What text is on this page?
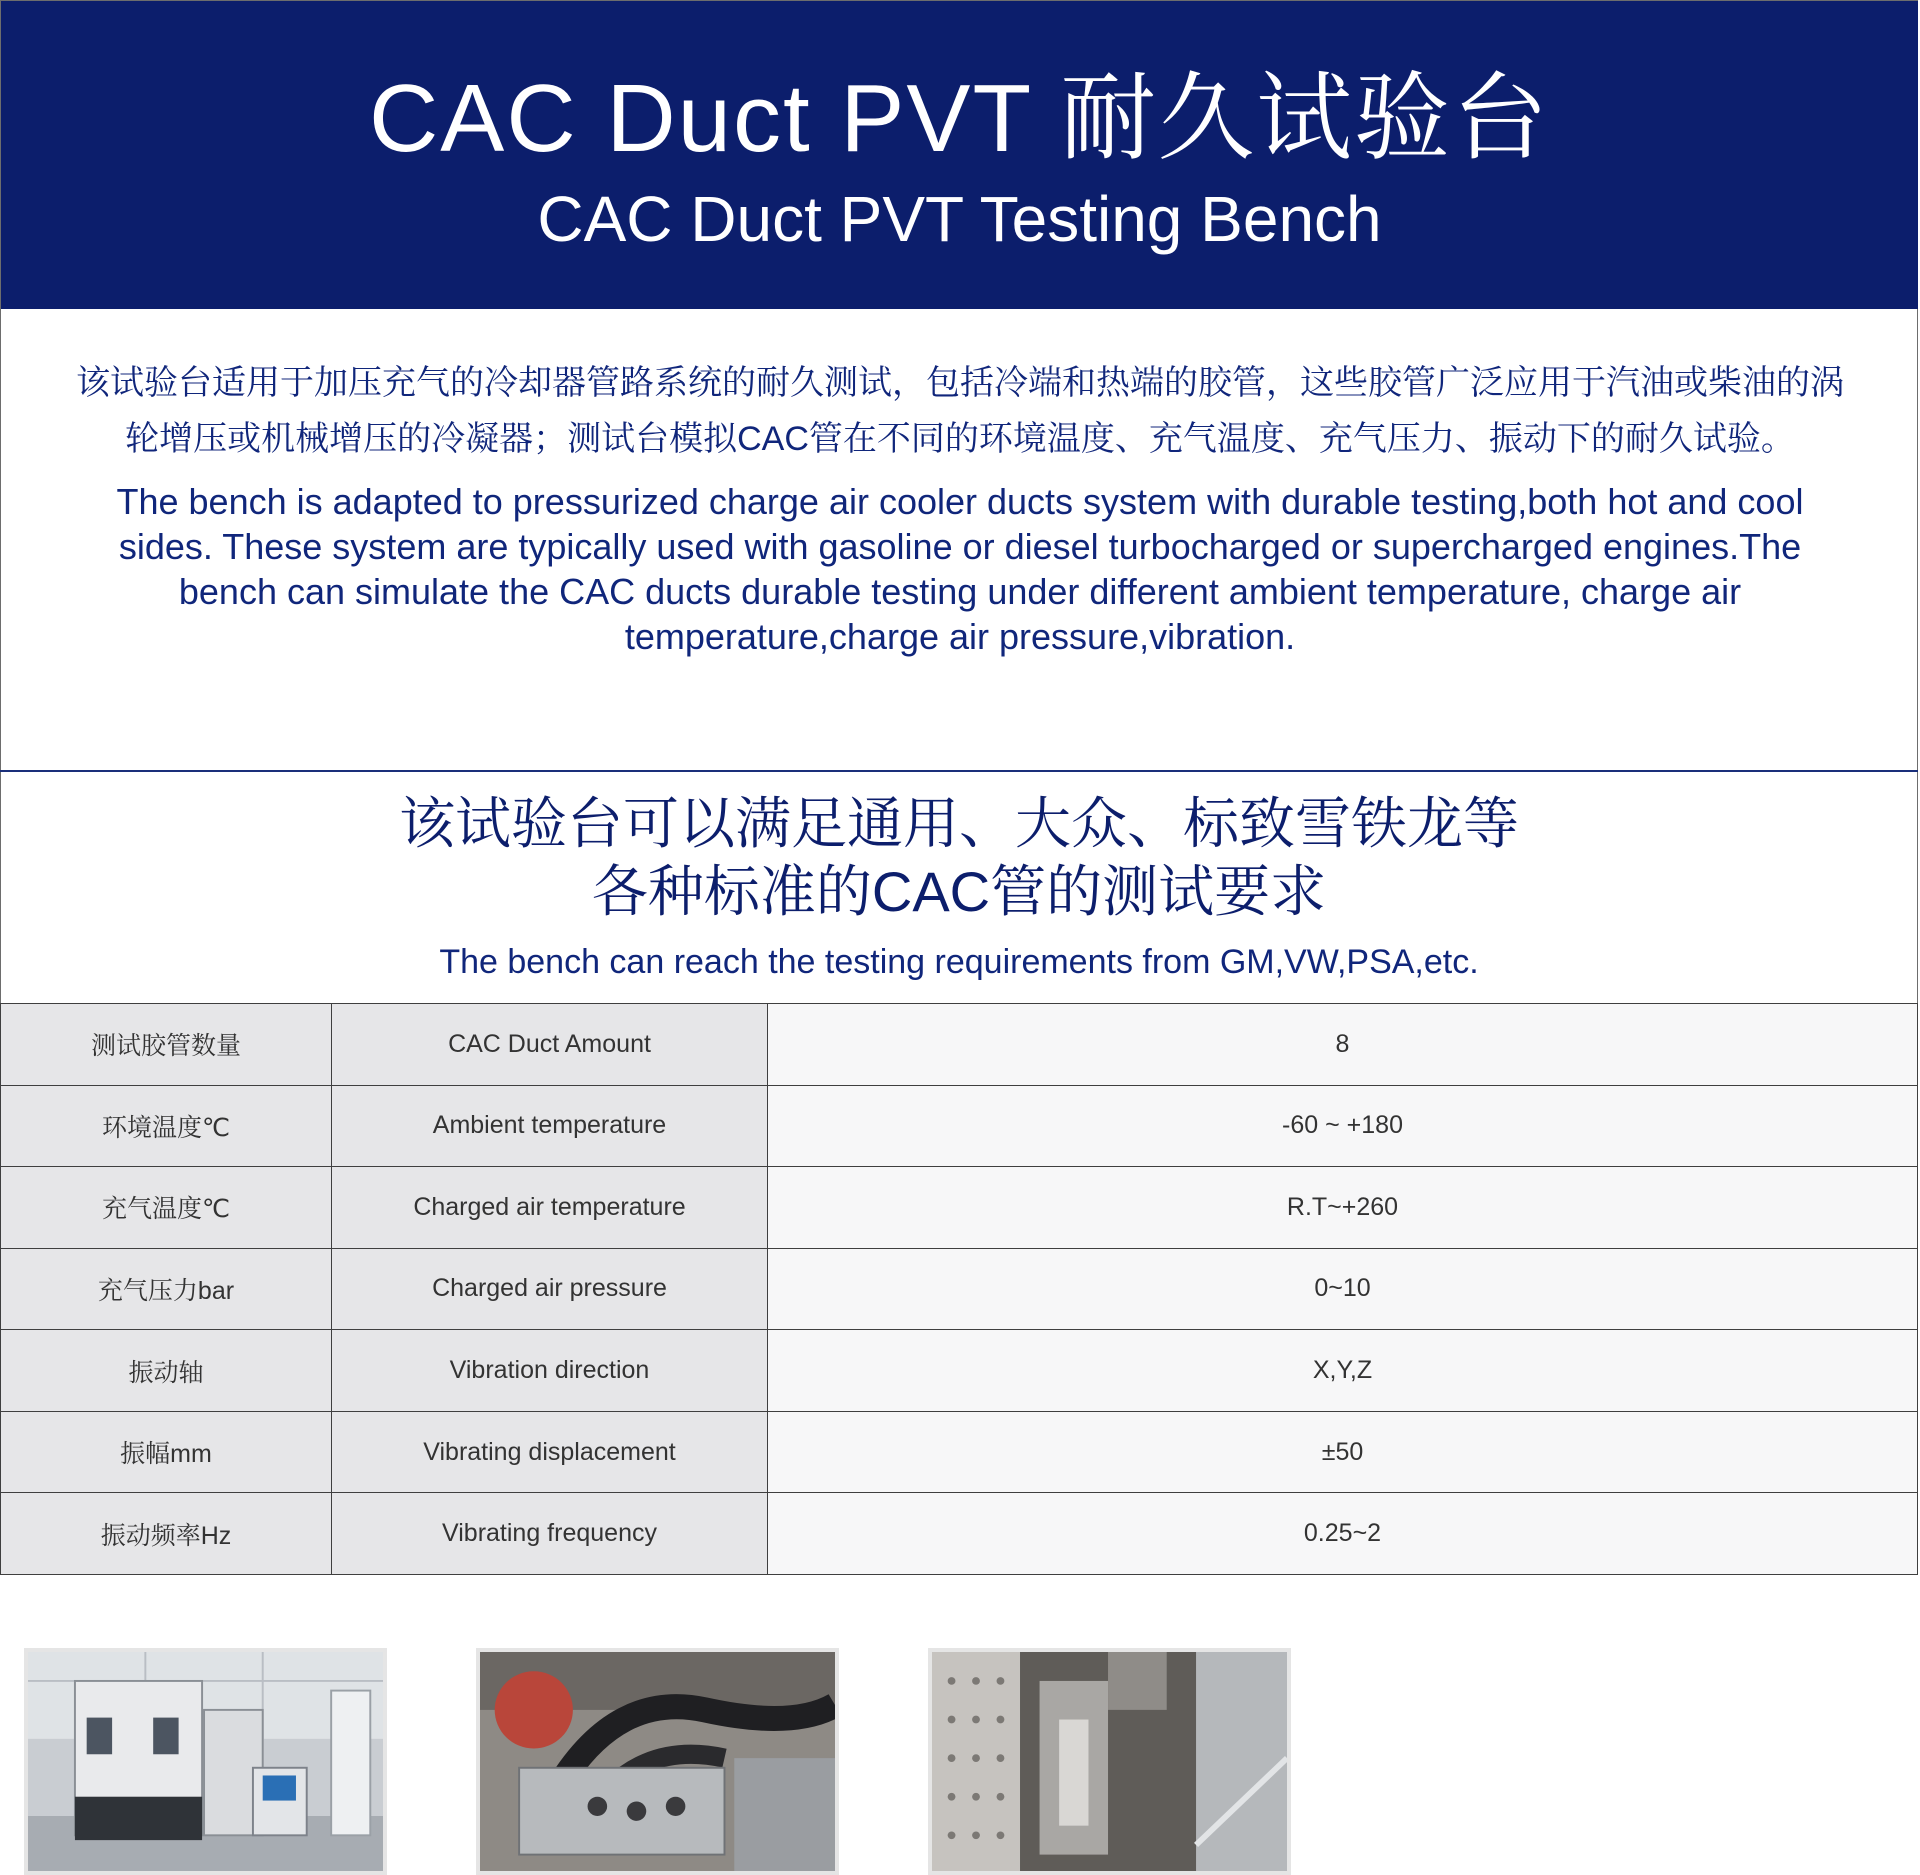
CAC Duct PVT 耐久试验台
CAC Duct PVT Testing Bench

该试验台适用于加压充气的冷却器管路系统的耐久测试，包括冷端和热端的胶管，这些胶管广泛应用于汽油或柴油的涡轮增压或机械增压的冷凝器；测试台模拟CAC管在不同的环境温度、充气温度、充气压力、振动下的耐久试验。

The bench is adapted to pressurized charge air cooler ducts system with durable testing,both hot and cool sides. These system are typically used with gasoline or diesel turbocharged or supercharged engines.The bench can simulate the CAC ducts durable testing under different ambient temperature, charge air temperature,charge air pressure,vibration.

该试验台可以满足通用、大众、标致雪铁龙等
各种标准的CAC管的测试要求

The bench can reach the testing requirements from GM,VW,PSA,etc.

测试胶管数量	CAC Duct Amount	8
环境温度℃	Ambient temperature	-60 ~ +180
充气温度℃	Charged air temperature	R.T~+260
充气压力bar	Charged air pressure	0~10
振动轴	Vibration direction	X,Y,Z
振幅mm	Vibrating displacement	±50
振动频率Hz	Vibrating frequency	0.25~2
